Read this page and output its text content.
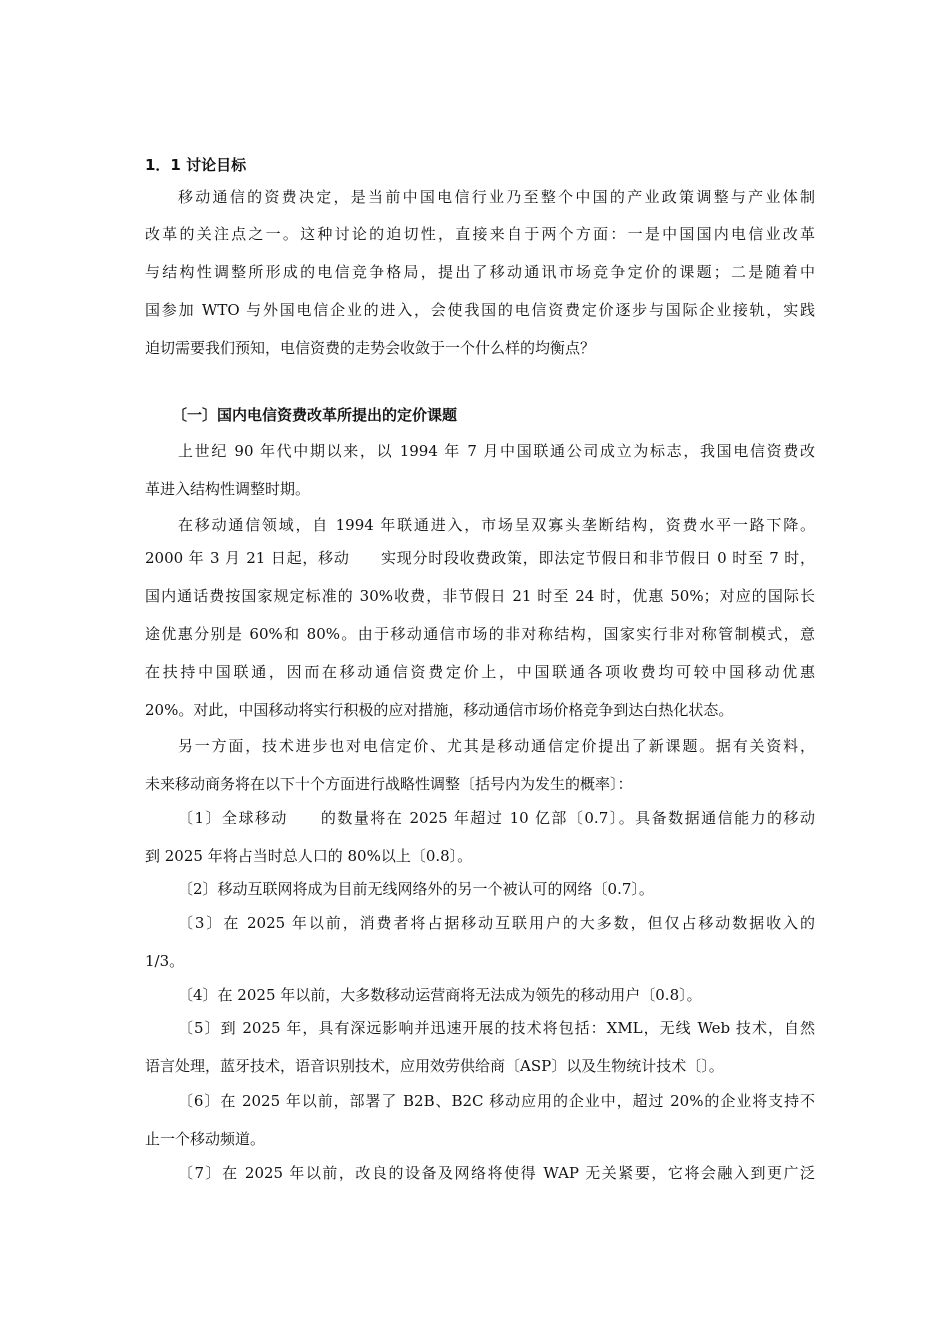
1．1 讨论目标
移动通信的资费决定，是当前中国电信行业乃至整个中国的产业政策调整与产业体制
改革的关注点之一。这种讨论的迫切性，直接来自于两个方面：一是中国国内电信业改革
与结构性调整所形成的电信竞争格局，提出了移动通讯市场竞争定价的课题；二是随着中
国参加 WTO 与外国电信企业的进入，会使我国的电信资费定价逐步与国际企业接轨，实践
迫切需要我们预知，电信资费的走势会收敛于一个什么样的均衡点？
〔一〕国内电信资费改革所提出的定价课题
上世纪 90 年代中期以来，以 1994 年 7 月中国联通公司成立为标志，我国电信资费改
革进入结构性调整时期。
在移动通信领域，自 1994 年联通进入，市场呈双寡头垄断结构，资费水平一路下降。
2000 年 3 月 21 日起，移动　　实现分时段收费政策，即法定节假日和非节假日 0 时至 7 时，
国内通话费按国家规定标准的 30%收费，非节假日 21 时至 24 时，优惠 50%；对应的国际长
途优惠分别是 60%和 80%。由于移动通信市场的非对称结构，国家实行非对称管制模式，意
在扶持中国联通，因而在移动通信资费定价上，中国联通各项收费均可较中国移动优惠
20%。对此，中国移动将实行积极的应对措施，移动通信市场价格竞争到达白热化状态。
另一方面，技术进步也对电信定价、尤其是移动通信定价提出了新课题。据有关资料，
未来移动商务将在以下十个方面进行战略性调整〔括号内为发生的概率〕：
〔1〕全球移动　　的数量将在 2025 年超过 10 亿部〔0.7〕。具备数据通信能力的移动
到 2025 年将占当时总人口的 80%以上〔0.8〕。
〔2〕移动互联网将成为目前无线网络外的另一个被认可的网络〔0.7〕。
〔3〕在 2025 年以前，消费者将占据移动互联用户的大多数，但仅占移动数据收入的
1/3。
〔4〕在 2025 年以前，大多数移动运营商将无法成为领先的移动用户〔0.8〕。
〔5〕到 2025 年，具有深远影响并迅速开展的技术将包括：XML，无线 Web 技术，自然
语言处理，蓝牙技术，语音识别技术，应用效劳供给商〔ASP〕以及生物统计技术〔〕。
〔6〕在 2025 年以前，部署了 B2B、B2C 移动应用的企业中，超过 20%的企业将支持不
止一个移动频道。
〔7〕在 2025 年以前，改良的设备及网络将使得 WAP 无关紧要，它将会融入到更广泛
